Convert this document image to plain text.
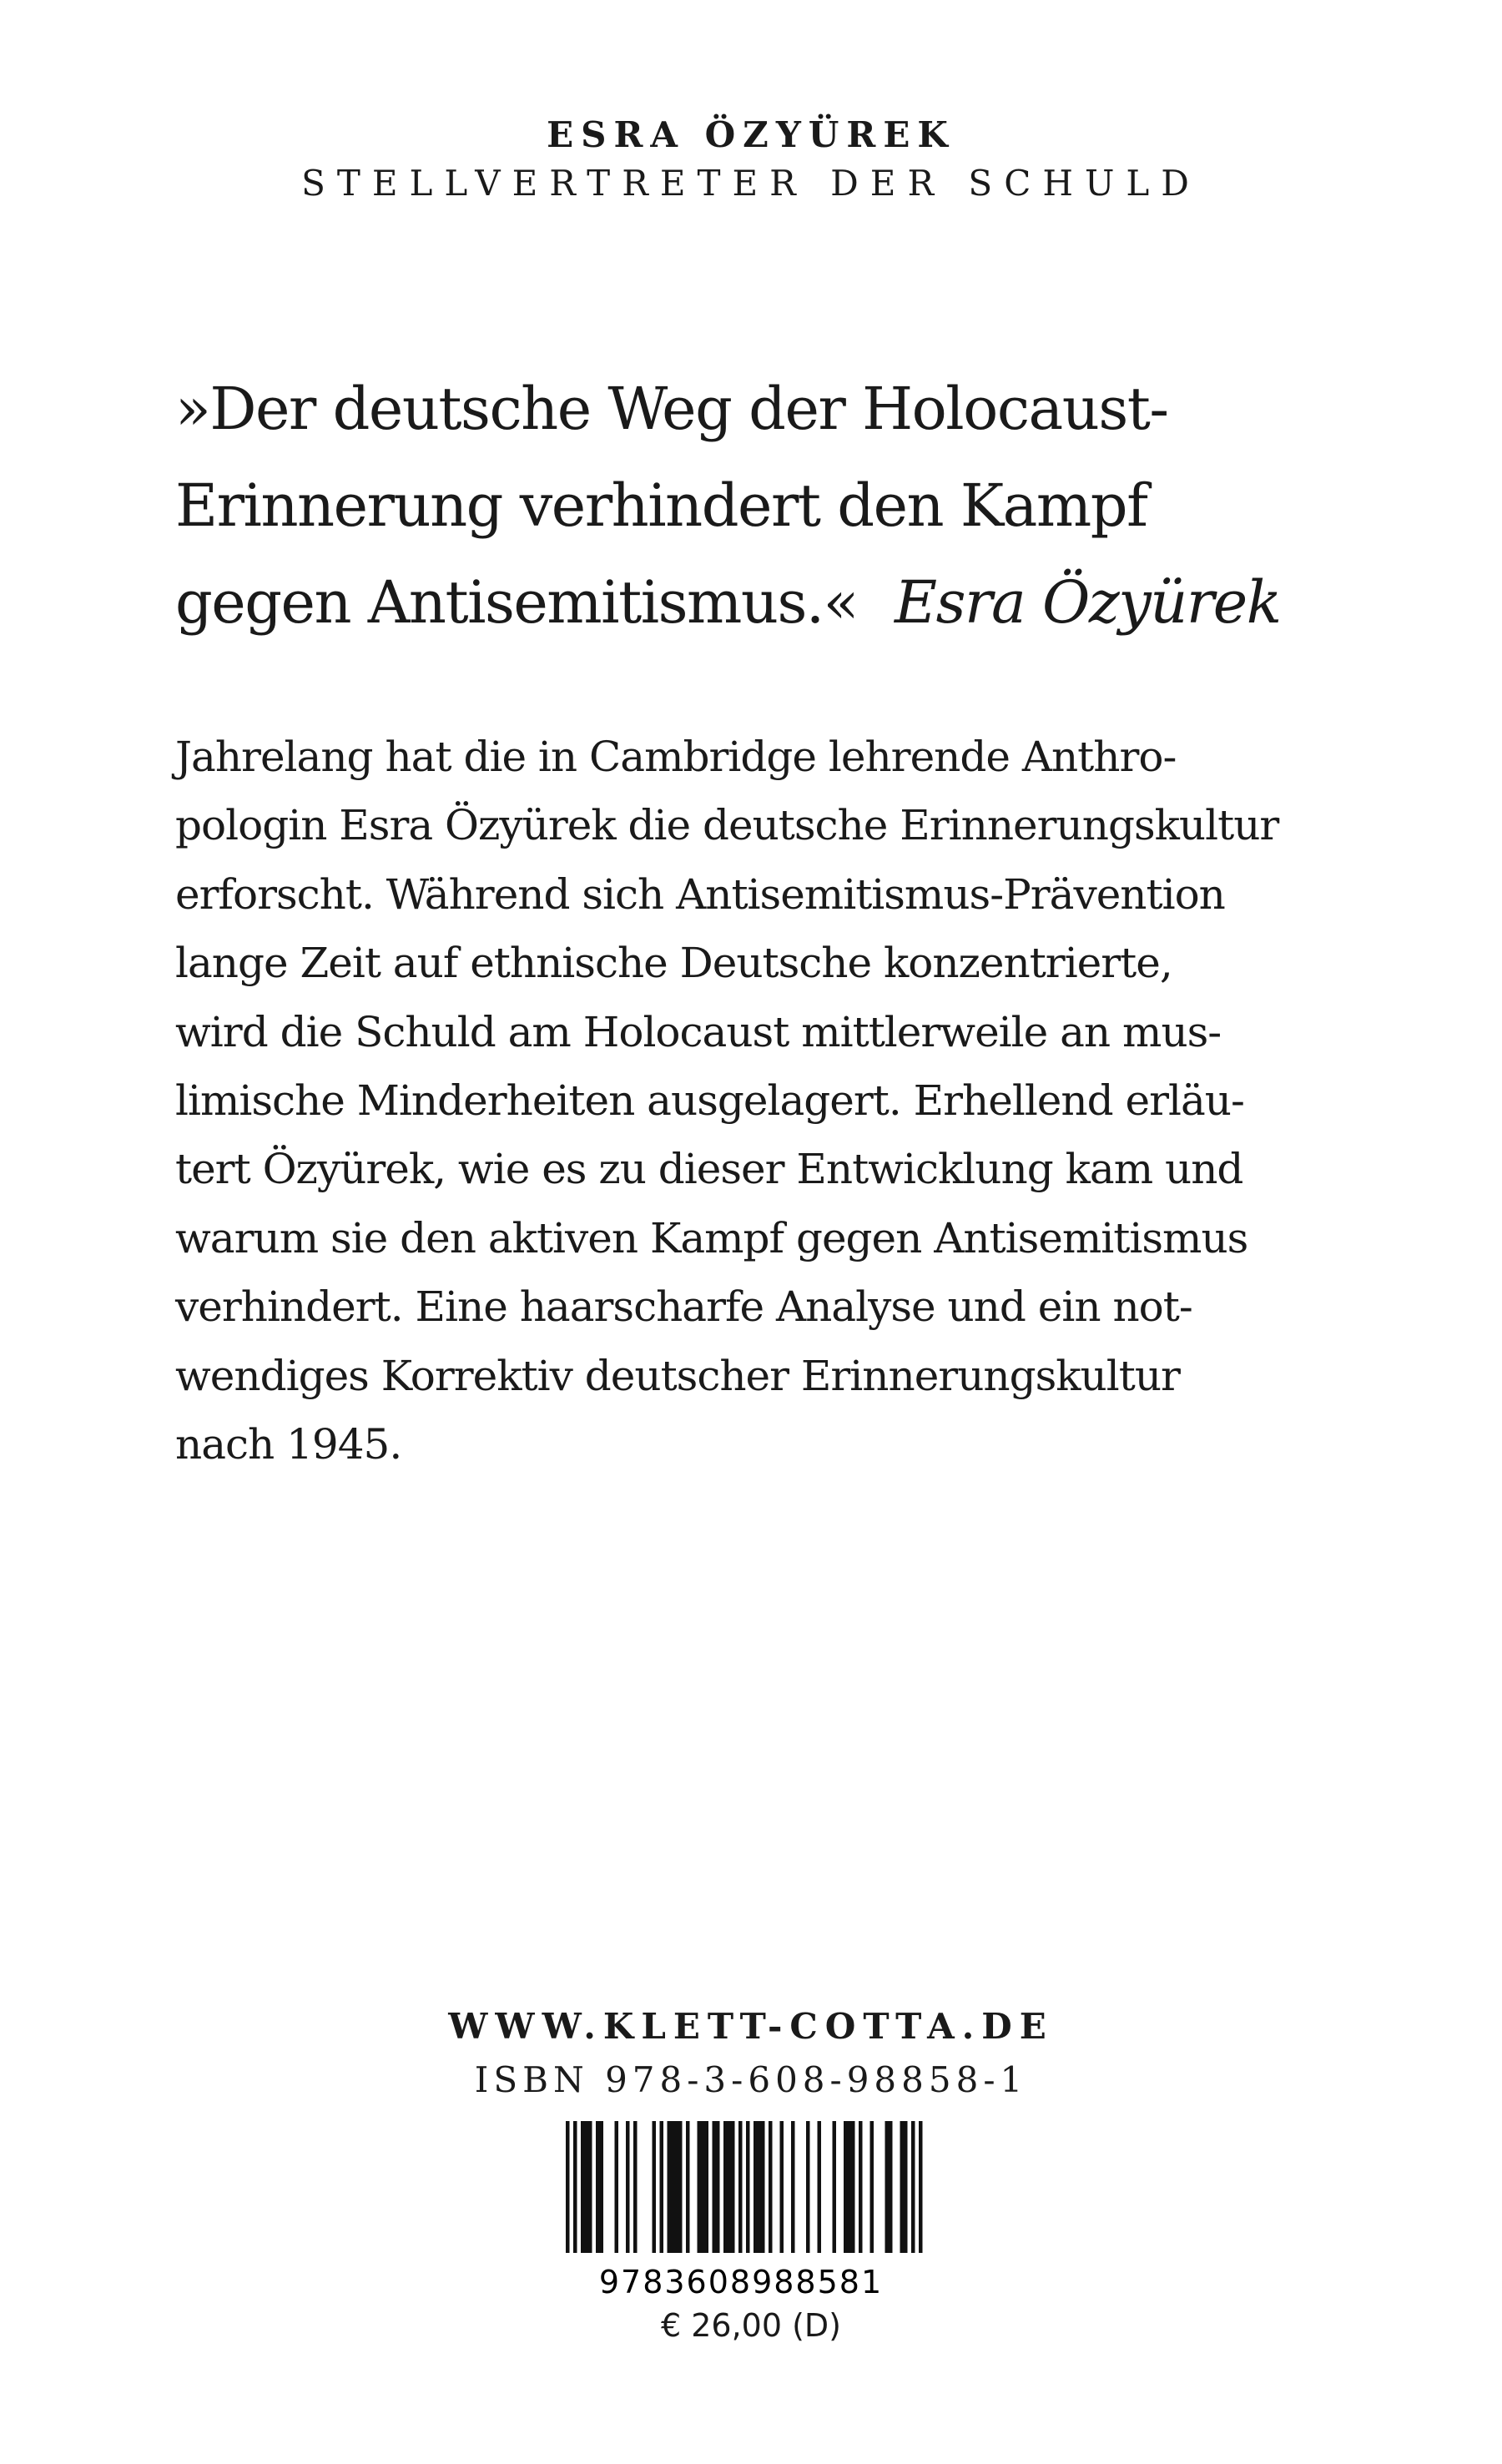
ESRA ÖZYÜREK
STELLVERTRETER DER SCHULD
»Der deutsche Weg der Holocaust-
Erinnerung verhindert den Kampf
gegen Antisemitismus.« Esra Özyürek
Jahrelang hat die in Cambridge lehrende Anthro-
pologin Esra Özyürek die deutsche Erinnerungskultur
erforscht. Während sich Antisemitismus-Prävention
lange Zeit auf ethnische Deutsche konzentrierte,
wird die Schuld am Holocaust mittlerweile an mus-
limische Minderheiten ausgelagert. Erhellend erläu-
tert Özyürek, wie es zu dieser Entwicklung kam und
warum sie den aktiven Kampf gegen Antisemitismus
verhindert. Eine haarscharfe Analyse und ein not-
wendiges Korrektiv deutscher Erinnerungskultur
nach 1945.
WWW.KLETT-COTTA.DE
ISBN 978-3-608-98858-1
9783608988581
€ 26,00 (D)
